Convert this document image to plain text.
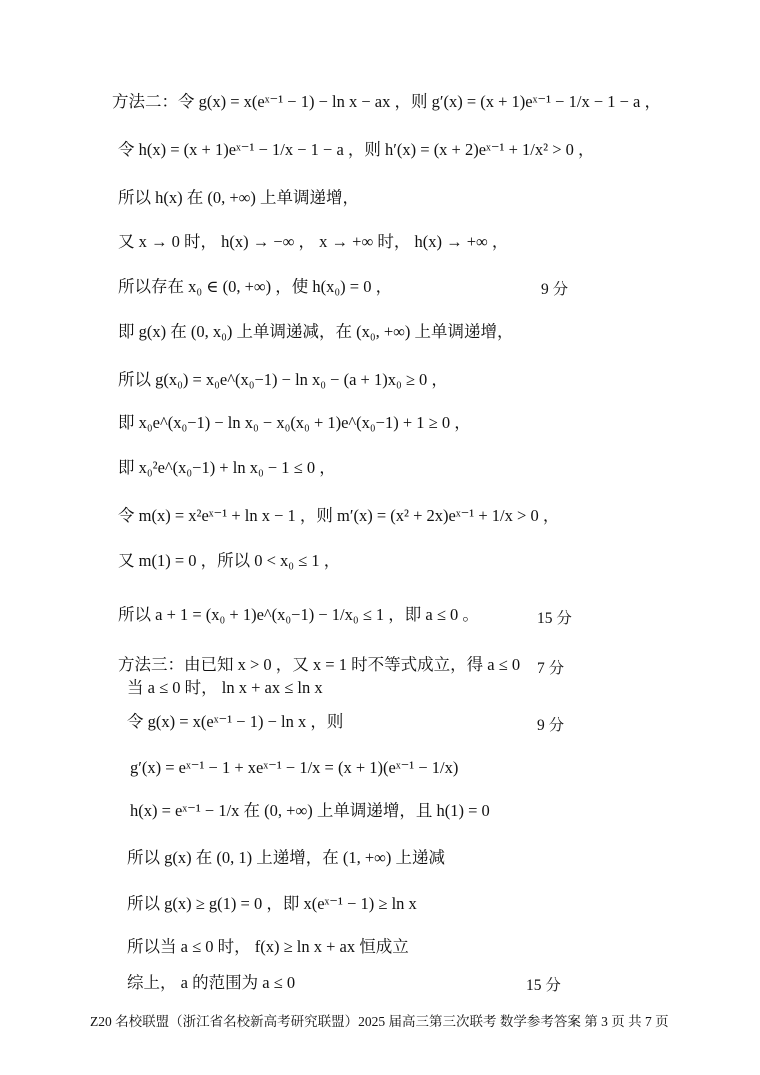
方法二：令 g(x) = x(eˣ⁻¹ − 1) − ln x − ax ，则 g′(x) = (x + 1)eˣ⁻¹ − 1/x − 1 − a ，
令 h(x) = (x + 1)eˣ⁻¹ − 1/x − 1 − a ，则 h′(x) = (x + 2)eˣ⁻¹ + 1/x² > 0 ，
所以 h(x) 在 (0, +∞) 上单调递增，
又 x → 0 时， h(x) → −∞ ， x → +∞ 时， h(x) → +∞ ，
所以存在 x₀ ∈ (0, +∞) ，使 h(x₀) = 0 ，	9 分
即 g(x) 在 (0, x₀) 上单调递减，在 (x₀, +∞) 上单调递增，
所以 g(x₀) = x₀e^(x₀−1) − ln x₀ − (a + 1)x₀ ≥ 0 ，
即 x₀e^(x₀−1) − ln x₀ − x₀(x₀ + 1)e^(x₀−1) + 1 ≥ 0 ，
即 x₀²e^(x₀−1) + ln x₀ − 1 ≤ 0 ，
令 m(x) = x²eˣ⁻¹ + ln x − 1 ，则 m′(x) = (x² + 2x)eˣ⁻¹ + 1/x > 0 ，
又 m(1) = 0 ，所以 0 < x₀ ≤ 1 ，
所以 a + 1 = (x₀ + 1)e^(x₀−1) − 1/x₀ ≤ 1 ，即 a ≤ 0 。	15 分
方法三：由已知 x > 0 ，又 x = 1 时不等式成立，得 a ≤ 0 7 分
当 a ≤ 0 时， ln x + ax ≤ ln x
令 g(x) = x(eˣ⁻¹ − 1) − ln x ，则	9 分
g′(x) = eˣ⁻¹ − 1 + xeˣ⁻¹ − 1/x = (x + 1)(eˣ⁻¹ − 1/x)
h(x) = eˣ⁻¹ − 1/x 在 (0, +∞) 上单调递增，且 h(1) = 0
所以 g(x) 在 (0, 1) 上递增，在 (1, +∞) 上递减
所以 g(x) ≥ g(1) = 0 ，即 x(eˣ⁻¹ − 1) ≥ ln x
所以当 a ≤ 0 时， f(x) ≥ ln x + ax 恒成立
综上， a 的范围为 a ≤ 0	15 分
Z20 名校联盟（浙江省名校新高考研究联盟）2025 届高三第三次联考 数学参考答案 第 3 页 共 7 页
